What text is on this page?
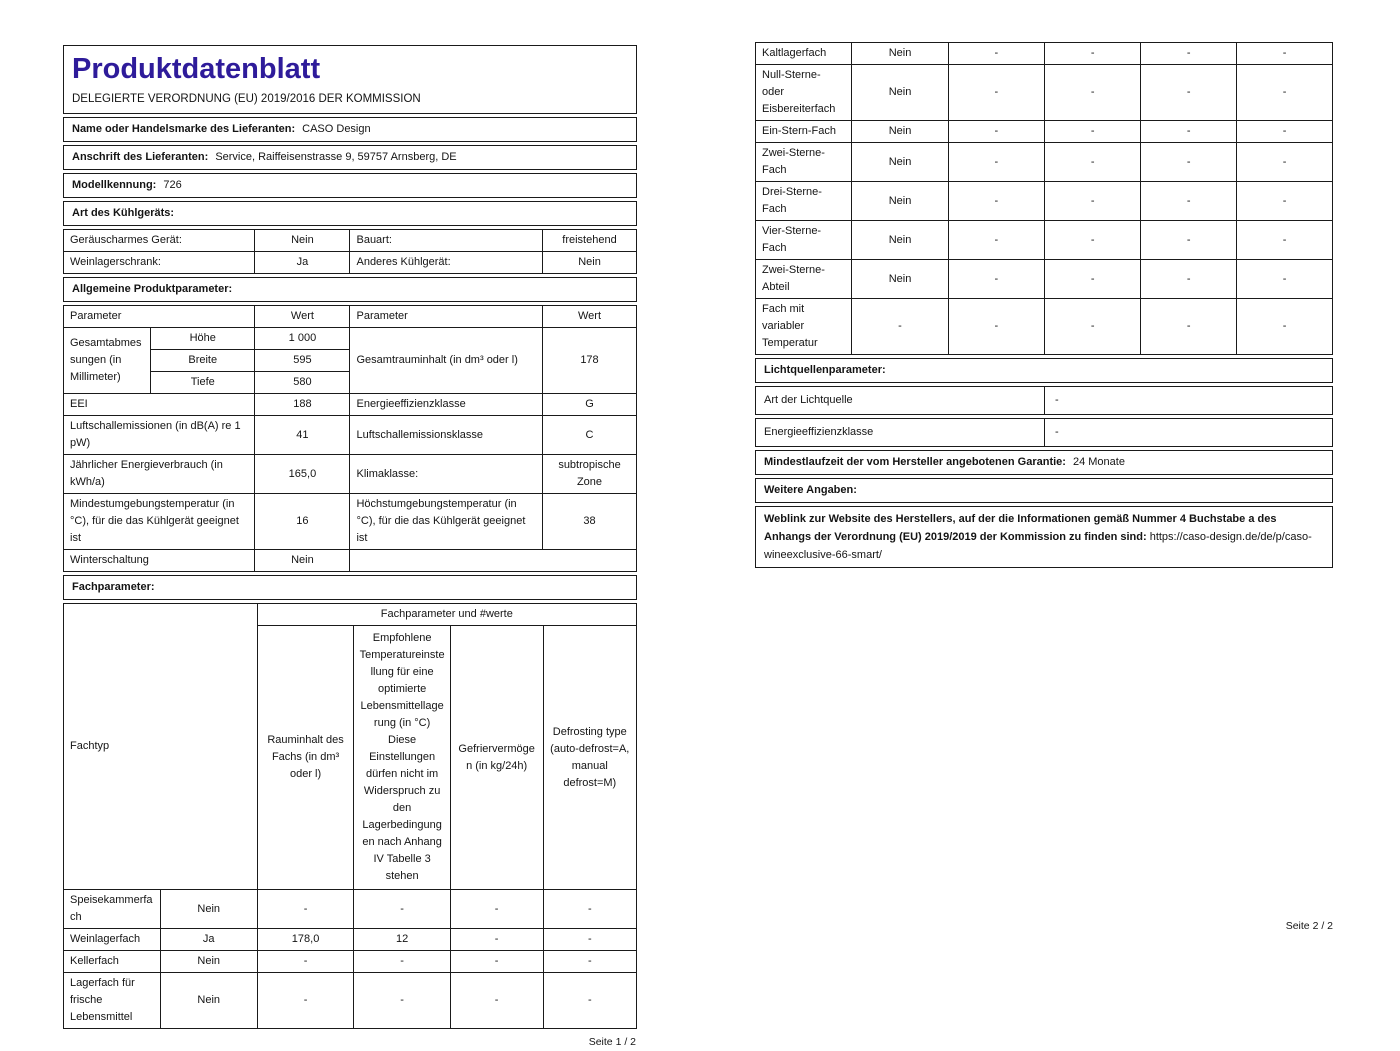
Produktdatenblatt
DELEGIERTE VERORDNUNG (EU) 2019/2016 DER KOMMISSION
Name oder Handelsmarke des Lieferanten: CASO Design
Anschrift des Lieferanten: Service, Raiffeisenstrasse 9, 59757 Arnsberg, DE
Modellkennung: 726
Art des Kühlgeräts:
Geräuscharmes Gerät:	Nein	Bauart:	freistehend
Weinlagerschrank:	Ja	Anderes Kühlgerät:	Nein
Allgemeine Produktparameter:
Parameter		Wert	Parameter	Wert
Gesamtabmessungen (in Millimeter)	Höhe	1 000	Gesamtrauminhalt (in dm³ oder l)	178
	Breite	595		
	Tiefe	580		
EEI		188	Energieeffizienzklasse	G
Luftschallemissionen (in dB(A) re 1 pW)		41	Luftschallemissionsklasse	C
Jährlicher Energieverbrauch (in kWh/a)		165,0	Klimaklasse:	subtropische Zone
Mindestumgebungstemperatur (in °C), für die das Kühlgerät geeignet ist		16	Höchstumgebungstemperatur (in °C), für die das Kühlgerät geeignet ist	38
Winterschaltung		Nein		
Fachparameter:
Fachtyp		Fachparameter und #werte			
		Rauminhalt des Fachs (in dm³ oder l)	Empfohlene Temperatureinstellung für eine optimierte Lebensmittellagerung (in °C) Diese Einstellungen dürfen nicht im Widerspruch zu den Lagerbedingungen nach Anhang IV Tabelle 3 stehen	Gefriervermögen (in kg/24h)	Defrosting type (auto-defrost=A, manual defrost=M)
Speisekammerfach	Nein	-	-	-	-
Weinlagerfach	Ja	178,0	12	-	-
Kellerfach	Nein	-	-	-	-
Lagerfach für frische Lebensmittel	Nein	-	-	-	-
Seite 1 / 2
Kaltlagerfach	Nein	-	-	-	-
Null-Sterne- oder Eisbereiterfach	Nein	-	-	-	-
Ein-Stern-Fach	Nein	-	-	-	-
Zwei-Sterne-Fach	Nein	-	-	-	-
Drei-Sterne-Fach	Nein	-	-	-	-
Vier-Sterne-Fach	Nein	-	-	-	-
Zwei-Sterne-Abteil	Nein	-	-	-	-
Fach mit variabler Temperatur	-	-	-	-	-
Lichtquellenparameter:
Art der Lichtquelle	-
Energieeffizienzklasse	-
Mindestlaufzeit der vom Hersteller angebotenen Garantie: 24 Monate
Weitere Angaben:
Weblink zur Website des Herstellers, auf der die Informationen gemäß Nummer 4 Buchstabe a des Anhangs der Verordnung (EU) 2019/2019 der Kommission zu finden sind: https://caso-design.de/de/p/caso-wineexclusive-66-smart/
Seite 2 / 2
